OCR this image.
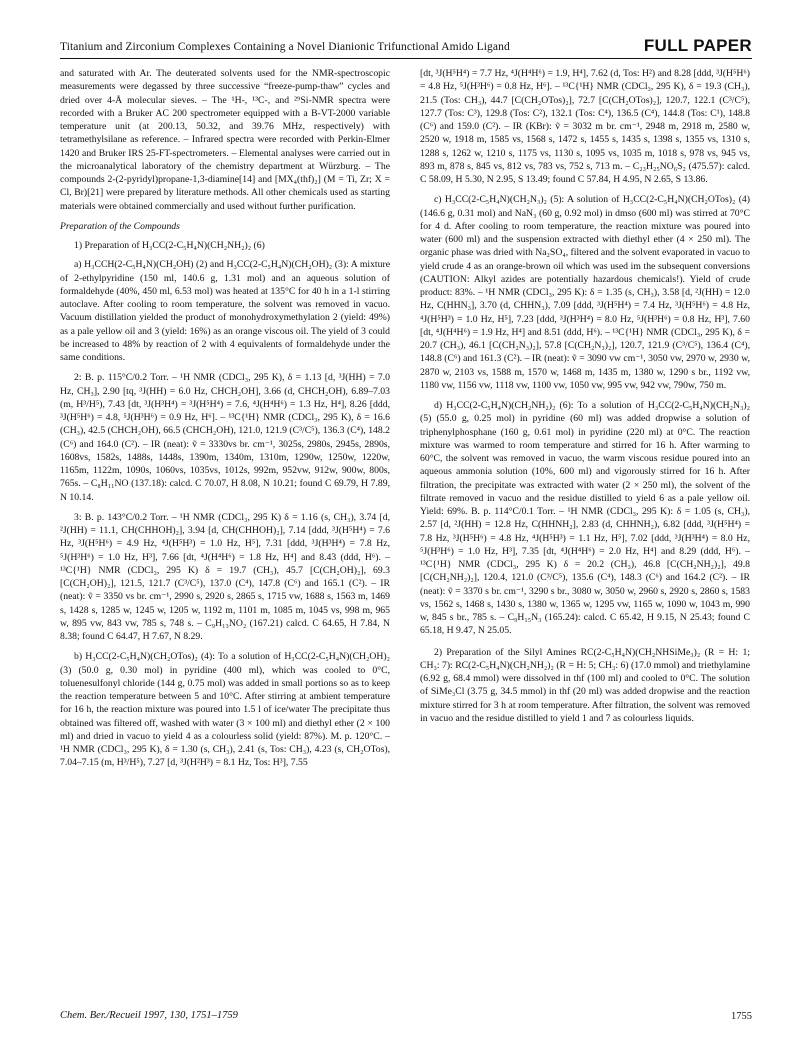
Titanium and Zirconium Complexes Containing a Novel Dianionic Trifunctional Amido Ligand	FULL PAPER

and saturated with Ar. The deuterated solvents used for the NMR-spectroscopic measurements were degassed by three successive “freeze-pump-thaw” cycles and dried over 4-Å molecular sieves. – The ¹H-, ¹³C-, and ²⁹Si-NMR spectra were recorded with a Bruker AC 200 spectrometer equipped with a B-VT-2000 variable temperature unit (at 200.13, 50.32, and 39.76 MHz, respectively) with tetramethylsilane as reference. – Infrared spectra were recorded with Perkin-Elmer 1420 and Bruker IRS 25-FT-spectrometers. – Elemental analyses were carried out in the microanalytical laboratory of the chemistry department at Würzburg. – The compounds 2-(2-pyridyl)propane-1,3-diamine[14] and [MX₄(thf)₂] (M = Ti, Zr; X = Cl, Br)[21] were prepared by literature methods. All other chemicals used as starting materials were obtained commercially and used without further purification.

Preparation of the Compounds

1) Preparation of H₃CC(2-C₅H₄N)(CH₂NH₂)₂ (6)

a) H₃CCH(2-C₅H₄N)(CH₂OH) (2) and H₃CC(2-C₅H₄N)(CH₂OH)₂ (3): A mixture of 2-ethylpyridine (150 ml, 140.6 g, 1.31 mol) and an aqueous solution of formaldehyde (40%, 450 ml, 6.53 mol) was heated at 135°C for 40 h in a 1-l stirring autoclave. After cooling to room temperature, the solvent was removed in vacuo. Vacuum distillation yielded the product of monohydroxymethylation 2 (yield: 49%) as a pale yellow oil and 3 (yield: 16%) as an orange viscous oil. The yield of 3 could be increased to 48% by reaction of 2 with 4 equivalents of formaldehyde under the same conditions.

2: B. p. 115°C/0.2 Torr. – ¹H NMR (CDCl₃, 295 K), δ = 1.13 [d, ³J(HH) = 7.0 Hz, CH₃], 2.90 [tq, ³J(HH) = 6.0 Hz, CHCH₂OH], 3.66 (d, CHCH₂OH), 6.89–7.03 (m, H³/H⁵), 7.43 [dt, ³J(H³H⁴) = ³J(H⁵H⁴) = 7.6, ⁴J(H⁴H⁶) = 1.3 Hz, H⁴], 8.26 [ddd, ³J(H⁵H⁶) = 4.8, ⁵J(H³H⁶) = 0.9 Hz, H⁶]. – ¹³C{¹H} NMR (CDCl₃, 295 K), δ = 16.6 (CH₃), 42.5 (CHCH₂OH), 66.5 (CHCH₂OH), 121.0, 121.9 (C³/C⁵), 136.3 (C⁴), 148.2 (C⁶) and 164.0 (C²). – IR (neat): ṽ = 3330vs br. cm⁻¹, 3025s, 2980s, 2945s, 2890s, 1608vs, 1582s, 1488s, 1448s, 1390m, 1340m, 1310m, 1290w, 1250w, 1220w, 1165m, 1122m, 1090s, 1060vs, 1035vs, 1012s, 992m, 952vw, 912w, 900w, 800s, 765s. – C₈H₁₁NO (137.18): calcd. C 70.07, H 8.08, N 10.21; found C 69.79, H 7.89, N 10.14.

3: B. p. 143°C/0.2 Torr. – ¹H NMR (CDCl₃, 295 K) δ = 1.16 (s, CH₃), 3.74 [d, ²J(HH) = 11.1, CH(CHHOH)₂], 3.94 [d, CH(CHHOH)₂], 7.14 [ddd, ³J(H⁵H⁴) = 7.6 Hz, ³J(H⁵H⁶) = 4.9 Hz, ⁴J(H⁵H³) = 1.0 Hz, H⁵], 7.31 [ddd, ³J(H³H⁴) = 7.8 Hz, ⁵J(H³H⁶) = 1.0 Hz, H³], 7.66 [dt, ⁴J(H⁴H⁶) = 1.8 Hz, H⁴] and 8.43 (ddd, H⁶). – ¹³C{¹H} NMR (CDCl₃, 295 K) δ = 19.7 (CH₃), 45.7 [C(CH₂OH)₂], 69.3 [C(CH₂OH)₂], 121.5, 121.7 (C³/C⁵), 137.0 (C⁴), 147.8 (C⁶) and 165.1 (C²). – IR (neat): ṽ = 3350 vs br. cm⁻¹, 2990 s, 2920 s, 2865 s, 1715 vw, 1688 s, 1563 m, 1469 s, 1428 s, 1285 w, 1245 w, 1205 w, 1192 m, 1101 m, 1085 m, 1045 vs, 998 m, 965 w, 895 vw, 843 vw, 785 s, 748 s. – C₉H₁₃NO₂ (167.21) calcd. C 64.65, H 7.84, N 8.38; found C 64.47, H 7.67, N 8.29.

b) H₃CC(2-C₅H₄N)(CH₂OTos)₂ (4): To a solution of H₃CC(2-C₅H₄N)(CH₂OH)₂ (3) (50.0 g, 0.30 mol) in pyridine (400 ml), which was cooled to 0°C, toluenesulfonyl chloride (144 g, 0.75 mol) was added in small portions so as to keep the reaction temperature between 5 and 10°C. After stirring at ambient temperature for 16 h, the reaction mixture was poured into 1.5 l of ice/water The precipitate thus obtained was filtered off, washed with water (3 × 100 ml) and diethyl ether (2 × 100 ml) and dried in vacuo to yield 4 as a colourless solid (yield: 87%). M. p. 120°C. – ¹H NMR (CDCl₃, 295 K), δ = 1.30 (s, CH₃), 2.41 (s, Tos: CH₃), 4.23 (s, CH₂OTos), 7.04–7.15 (m, H³/H⁵), 7.27 [d, ³J(H²H³) = 8.1 Hz, Tos: H³], 7.55

[dt, ³J(H⁵H⁴) = 7.7 Hz, ⁴J(H⁴H⁶) = 1.9, H⁴], 7.62 (d, Tos: H²) and 8.28 [ddd, ³J(H⁵H⁶) = 4.8 Hz, ⁵J(H³H⁶) = 0.8 Hz, H⁶]. – ¹³C{¹H} NMR (CDCl₃, 295 K), δ = 19.3 (CH₃), 21.5 (Tos: CH₃), 44.7 [C(CH₂OTos)₂], 72.7 [C(CH₂OTos)₂], 120.7, 122.1 (C³/C⁵), 127.7 (Tos: C³), 129.8 (Tos: C²), 132.1 (Tos: C⁴), 136.5 (C⁴), 144.8 (Tos: C¹), 148.8 (C⁶) and 159.0 (C²). – IR (KBr): ṽ = 3032 m br. cm⁻¹, 2948 m, 2918 m, 2580 w, 2520 w, 1918 m, 1585 vs, 1568 s, 1472 s, 1455 s, 1435 s, 1398 s, 1355 vs, 1310 s, 1288 s, 1262 w, 1210 s, 1175 vs, 1130 s, 1095 vs, 1035 m, 1018 s, 978 vs, 945 vs, 893 m, 878 s, 845 vs, 812 vs, 783 vs, 752 s, 713 m. – C₂₃H₂₅NO₆S₂ (475.57): calcd. C 58.09, H 5.30, N 2.95, S 13.49; found C 57.84, H 4.95, N 2.65, S 13.86.

c) H₃CC(2-C₅H₄N)(CH₂N₃)₂ (5): A solution of H₃CC(2-C₅H₄N)(CH₂OTos)₂ (4) (146.6 g, 0.31 mol) and NaN₃ (60 g, 0.92 mol) in dmso (600 ml) was stirred at 70°C for 4 d. After cooling to room temperature, the reaction mixture was poured into water (600 ml) and the suspension extracted with diethyl ether (4 × 250 ml). The organic phase was dried with Na₂SO₄, filtered and the solvent evaporated in vacuo to yield crude 4 as an orange-brown oil which was used im the subsequent conversions (CAUTION: Alkyl azides are potentially hazardous chemicals!). Yield of crude product: 83%. – ¹H NMR (CDCl₃, 295 K): δ = 1.35 (s, CH₃), 3.58 [d, ²J(HH) = 12.0 Hz, C(HHN₃], 3.70 (d, CHHN₃), 7.09 [ddd, ³J(H⁵H⁴) = 7.4 Hz, ³J(H⁵H⁶) = 4.8 Hz, ⁴J(H⁵H³) = 1.0 Hz, H⁵], 7.23 [ddd, ³J(H³H⁴) = 8.0 Hz, ⁵J(H³H⁶) = 0.8 Hz, H³], 7.60 [dt, ⁴J(H⁴H⁶) = 1.9 Hz, H⁴] and 8.51 (ddd, H⁶). – ¹³C{¹H} NMR (CDCl₃, 295 K), δ = 20.7 (CH₃), 46.1 [C(CH₂N₃)₂], 57.8 [C(CH₂N₃)₂], 120.7, 121.9 (C³/C⁵), 136.4 (C⁴), 148.8 (C⁶) and 161.3 (C²). – IR (neat): ṽ = 3090 vw cm⁻¹, 3050 vw, 2970 w, 2930 w, 2870 w, 2103 vs, 1588 m, 1570 w, 1468 m, 1435 m, 1380 w, 1290 s br., 1192 vw, 1180 vw, 1156 vw, 1118 vw, 1100 vw, 1050 vw, 995 vw, 942 vw, 790w, 750 m.

d) H₃CC(2-C₅H₄N)(CH₂NH₂)₂ (6): To a solution of H₃CC(2-C₅H₄N)(CH₂N₃)₂ (5) (55.0 g, 0.25 mol) in pyridine (60 ml) was added dropwise a solution of triphenylphosphane (160 g, 0.61 mol) in pyridine (220 ml) at 0°C. The reaction mixture was warmed to room temperature and stirred for 16 h. After warming to 60°C, the solvent was removed in vacuo, the warm viscous residue poured into an aqueous ammonia solution (10%, 600 ml) and vigorously stirred for 16 h. After filtration, the precipitate was extracted with water (2 × 250 ml), the solvent of the filtrate removed in vacuo and the residue distilled to yield 6 as a pale yellow oil. Yield: 69%. B. p. 114°C/0.1 Torr. – ¹H NMR (CDCl₃, 295 K): δ = 1.05 (s, CH₃), 2.57 [d, ²J(HH) = 12.8 Hz, C(HHNH₂], 2.83 (d, CHHNH₂), 6.82 [ddd, ³J(H⁵H⁴) = 7.8 Hz, ³J(H⁵H⁶) = 4.8 Hz, ⁴J(H⁵H³) = 1.1 Hz, H⁵], 7.02 [ddd, ³J(H³H⁴) = 8.0 Hz, ⁵J(H³H⁶) = 1.0 Hz, H³], 7.35 [dt, ⁴J(H⁴H⁶) = 2.0 Hz, H⁴] and 8.29 (ddd, H⁶). – ¹³C{¹H} NMR (CDCl₃, 295 K) δ = 20.2 (CH₃), 46.8 [C(CH₂NH₂)₂], 49.8 [C(CH₂NH₂)₂], 120.4, 121.0 (C³/C⁵), 135.6 (C⁴), 148.3 (C⁶) and 164.2 (C²). – IR (neat): ṽ = 3370 s br. cm⁻¹, 3290 s br., 3080 w, 3050 w, 2960 s, 2920 s, 2860 s, 1583 vs, 1562 s, 1468 s, 1430 s, 1380 w, 1365 w, 1295 vw, 1165 w, 1090 w, 1043 m, 990 w, 845 s br., 785 s. – C₉H₁₅N₃ (165.24): calcd. C 65.42, H 9.15, N 25.43; found C 65.18, H 9.47, N 25.05.

2) Preparation of the Silyl Amines RC(2-C₅H₄N)(CH₂NHSiMe₃)₂ (R = H: 1; CH₃: 7): RC(2-C₅H₄N)(CH₂NH₂)₂ (R = H: 5; CH₃: 6) (17.0 mmol) and triethylamine (6.92 g, 68.4 mmol) were dissolved in thf (100 ml) and cooled to 0°C. The solution of SiMe₃Cl (3.75 g, 34.5 mmol) in thf (20 ml) was added dropwise and the reaction mixture stirred for 3 h at room temperature. After filtration, the solvent was removed in vacuo and the residue distilled to yield 1 and 7 as colourless liquids.

Chem. Ber./Recueil 1997, 130, 1751–1759	1755
